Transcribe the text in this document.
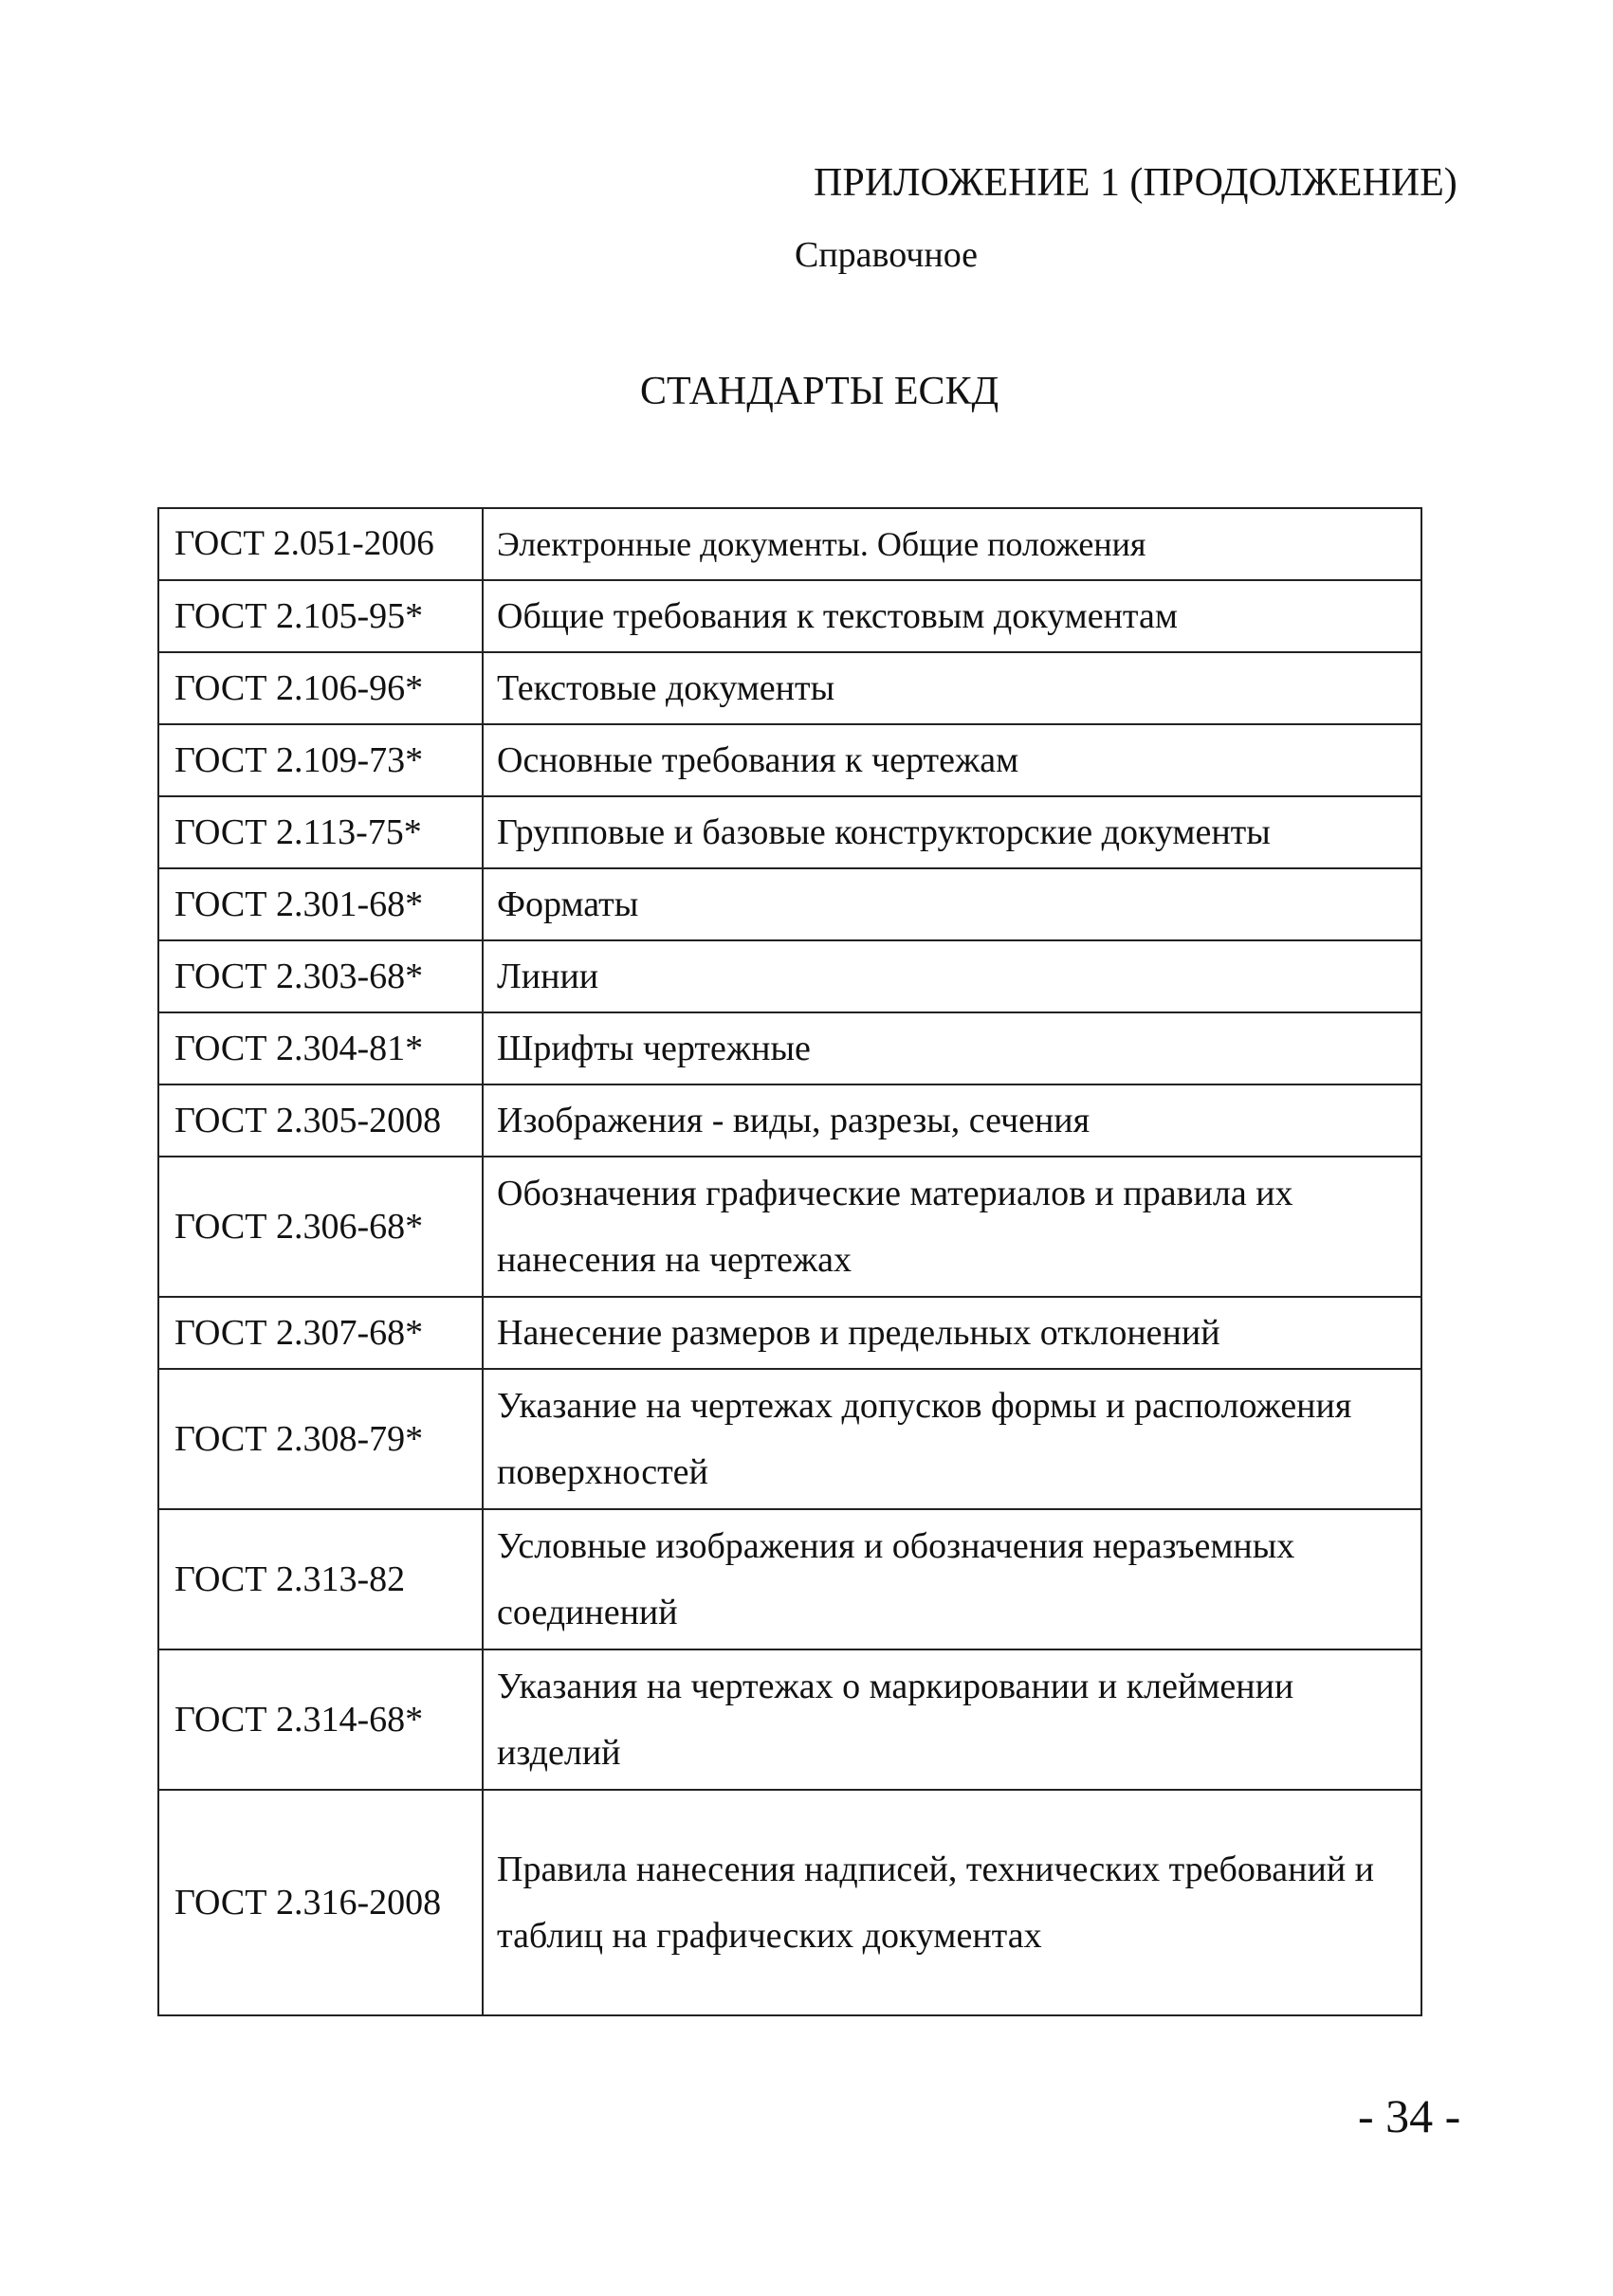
ПРИЛОЖЕНИЕ 1 (ПРОДОЛЖЕНИЕ)
Справочное
СТАНДАРТЫ ЕСКД
ГОСТ 2.051-2006	Электронные документы. Общие положения
ГОСТ 2.105-95*	Общие требования к текстовым документам
ГОСТ 2.106-96*	Текстовые документы
ГОСТ 2.109-73*	Основные требования к чертежам
ГОСТ 2.113-75*	Групповые и базовые конструкторские документы
ГОСТ 2.301-68*	Форматы
ГОСТ 2.303-68*	Линии
ГОСТ 2.304-81*	Шрифты чертежные
ГОСТ 2.305-2008	Изображения - виды, разрезы, сечения
ГОСТ 2.306-68*	Обозначения графические материалов и правила их нанесения на чертежах
ГОСТ 2.307-68*	Нанесение размеров и предельных отклонений
ГОСТ 2.308-79*	Указание на чертежах допусков формы и расположения поверхностей
ГОСТ 2.313-82	Условные изображения и обозначения неразъемных соединений
ГОСТ 2.314-68*	Указания на чертежах о маркировании и клеймении изделий
ГОСТ 2.316-2008	Правила нанесения надписей, технических требований и таблиц на графических документах
- 34 -
